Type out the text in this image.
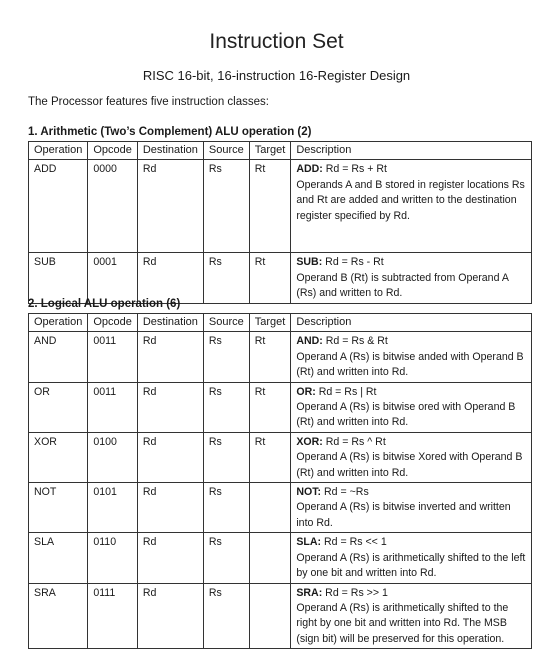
Instruction Set
RISC 16-bit, 16-instruction 16-Register Design
The Processor features five instruction classes:
1. Arithmetic (Two’s Complement) ALU operation (2)
Operation	Opcode	Destination	Source	Target	Description
ADD	0000	Rd	Rs	Rt	ADD: Rd = Rs + Rt
Operands A and B stored in register locations Rs and Rt are added and written to the destination register specified by Rd.
SUB	0001	Rd	Rs	Rt	SUB: Rd = Rs - Rt
Operand B (Rt) is subtracted from Operand A (Rs) and written to Rd.
2. Logical ALU operation (6)
Operation	Opcode	Destination	Source	Target	Description
AND	0011	Rd	Rs	Rt	AND: Rd = Rs & Rt
Operand A (Rs) is bitwise anded with Operand B (Rt) and written into Rd.
OR	0011	Rd	Rs	Rt	OR: Rd = Rs | Rt
Operand A (Rs) is bitwise ored with Operand B (Rt) and written into Rd.
XOR	0100	Rd	Rs	Rt	XOR: Rd = Rs ^ Rt
Operand A (Rs) is bitwise Xored with Operand B (Rt) and written into Rd.
NOT	0101	Rd	Rs		NOT: Rd = ~Rs
Operand A (Rs) is bitwise inverted and written into Rd.
SLA	0110	Rd	Rs		SLA: Rd = Rs << 1
Operand A (Rs) is arithmetically shifted to the left by one bit and written into Rd.
SRA	0111	Rd	Rs		SRA: Rd = Rs >> 1
Operand A (Rs) is arithmetically shifted to the right by one bit and written into Rd. The MSB (sign bit) will be preserved for this operation.
